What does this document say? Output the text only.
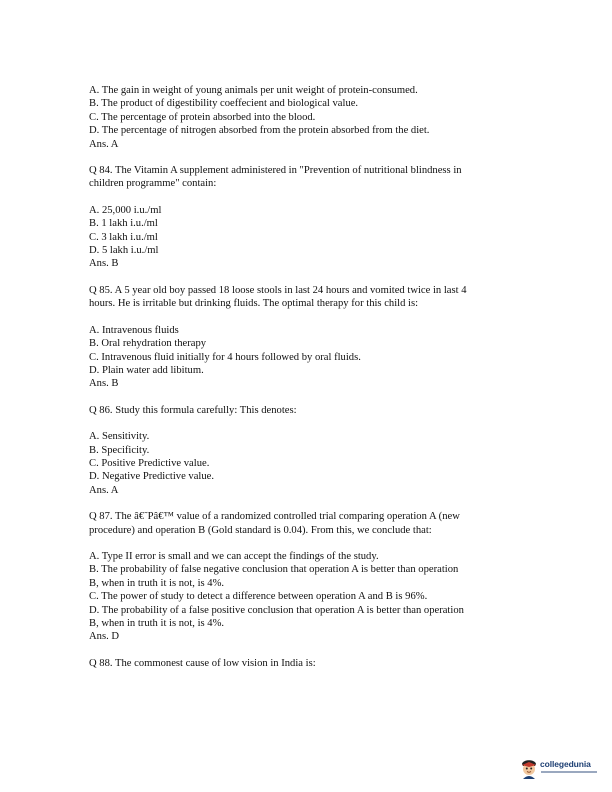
A. The gain in weight of young animals per unit weight of protein-consumed.

B. The product of digestibility coeffecient and biological value.

C. The percentage of protein absorbed into the blood.

D. The percentage of nitrogen absorbed from the protein absorbed from the diet.

Ans. A

Q 84. The Vitamin A supplement administered in "Prevention of nutritional blindness in

children programme" contain:

A. 25,000 i.u./ml

B. 1 lakh i.u./ml

C. 3 lakh i.u./ml

D. 5 lakh i.u./ml

Ans. B

Q 85. A 5 year old boy passed 18 loose stools in last 24 hours and vomited twice in last 4

hours. He is irritable but drinking fluids. The optimal therapy for this child is:

A. Intravenous fluids

B. Oral rehydration therapy

C. Intravenous fluid initially for 4 hours followed by oral fluids.

D. Plain water add libitum.

Ans. B

Q 86. Study this formula carefully: This denotes:

A. Sensitivity.

B. Specificity.

C. Positive Predictive value.

D. Negative Predictive value.

Ans. A

Q 87. The â€˜Pâ€™ value of a randomized controlled trial comparing operation A (new

procedure) and operation B (Gold standard is 0.04). From this, we conclude that:

A. Type II error is small and we can accept the findings of the study.

B. The probability of false negative conclusion that operation A is better than operation

B, when in truth it is not, is 4%.

C. The power of study to detect a difference between operation A and B is 96%.

D. The probability of a false positive conclusion that operation A is better than operation

B, when in truth it is not, is 4%.

Ans. D

Q 88. The commonest cause of low vision in India is:

collegedunia
